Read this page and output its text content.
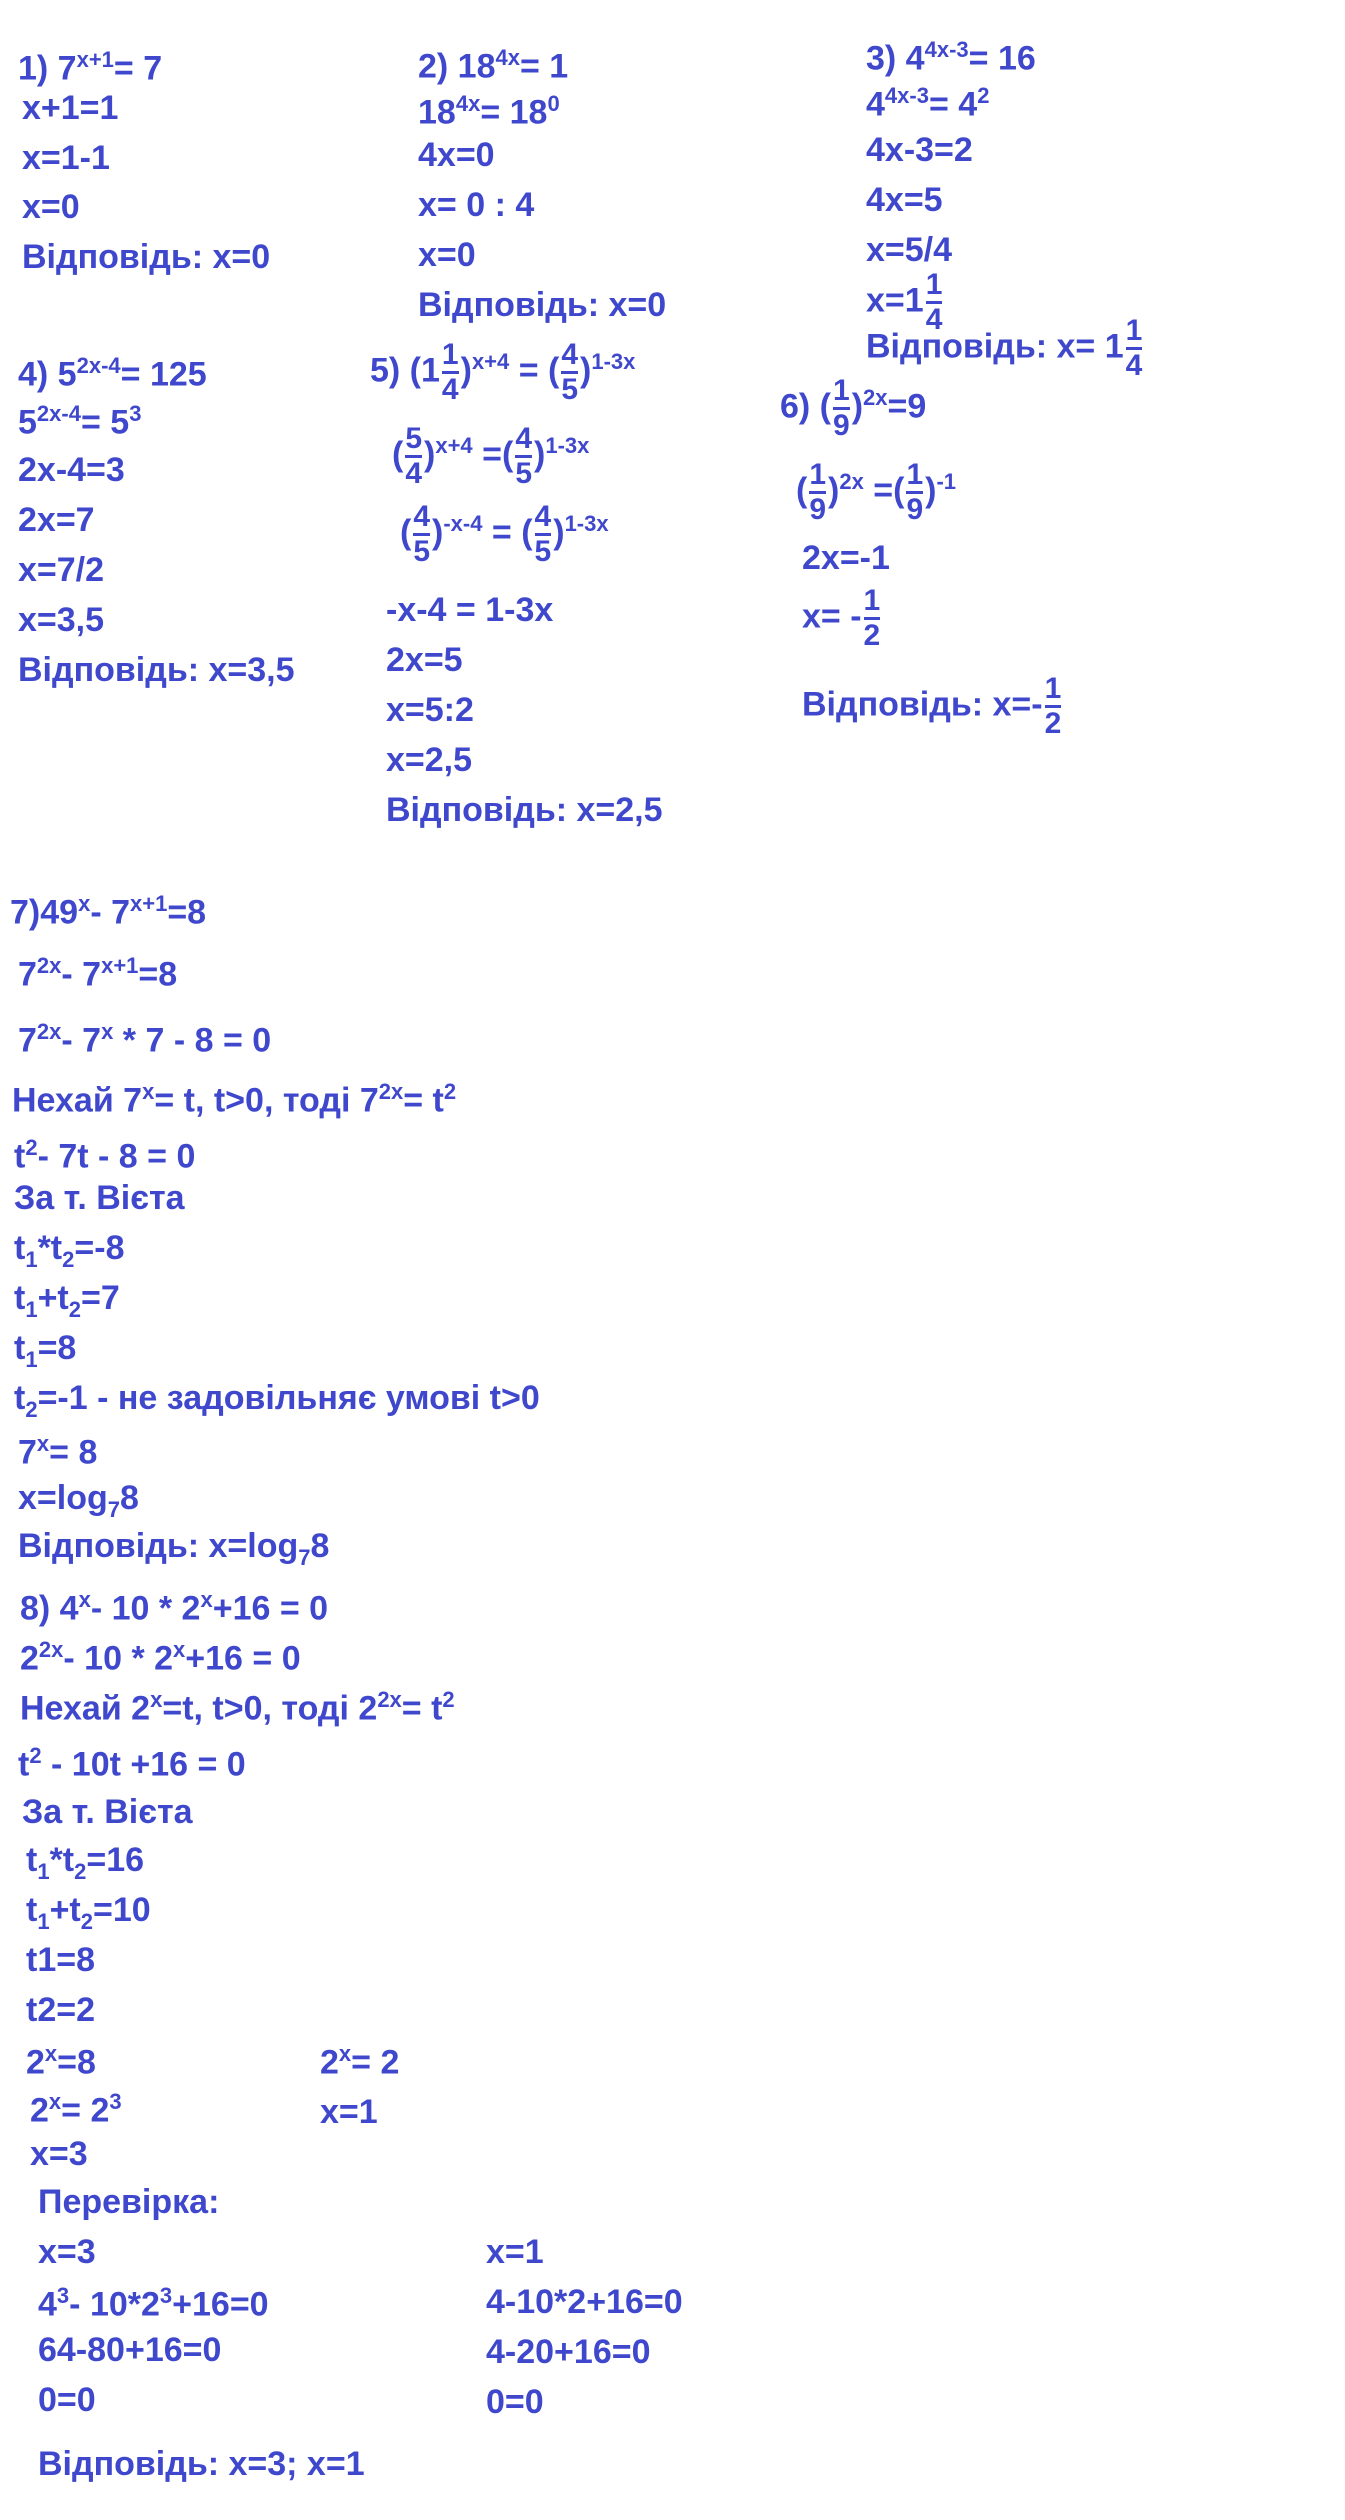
1) $7^{x+1}= 7$
x+1=1
x=1-1
x=0
Відповідь: x=0
2) $18^{4x}= 1$
$18^{4x}= 18^0$
4x=0
x= 0 : 4
x=0
Відповідь: x=0
3) $4^{4x-3}= 16$
$4^{4x-3}= 4^2$
4x-3=2
4x=5
x=5/4
$x=1 \frac{1}{4}$
Відповідь: $x= 1 \frac{1}{4}$
4) $5^{2x-4}= 125$
$5^{2x-4}= 5^3$
2x-4=3
2x=7
x=7/2
x=3,5
Відповідь: x=3,5
5) $(1 \frac{1}{4} )^{x+4}$ = ( $\frac{4}{5} )^{1-3x}$
( $\frac{5}{4} )^{x+4}$ =( $\frac{4}{5} )^{1-3x}$
( $\frac{4}{5} )^{-x-4}$ = ( $\frac{4}{5} )^{1-3x}$
-x-4 = 1-3x
2x=5
x=5:2
x=2,5
Відповідь: x=2,5
6) ( $\frac{1}{9} )^{2x}=9$
( $\frac{1}{9} )^{2x}$ =( $\frac{1}{9} )^{-1}$
2x=-1
$x= - \frac{1}{2}$
Відповідь: $x=- \frac{1}{2}$
7)49$^x$- $7^{x+1}=8$
$7^{2x}-$ $7^{x+1}=8$
$7^{2x}-$ 7$^x$ * 7 - 8 = 0
Нехай $7^x= t$, t>0, тоді $7^{2x}= t^2$
$t^2-$ 7t - 8 = 0
За т. Вієта
$t_1*t_2=-8$
$t_1+t_2=7$
$t_1=8$
$t_2=-1$ - не задовільняє умові t>0
$7^x= 8$
$x=\log_78$
Відповідь: $x=\log_78$
8) 4$^x$- $10 * 2^x+16 = 0$
$2^{2x}-$ $10 * 2^x+16 = 0$
Нехай $2^x=t$, t>0, тоді $2^{2x}= t^2$
$t^2 - 10t +16 = 0$
За т. Вієта
$t_1*t_2=16$
$t_1+t_2=10$
t1=8
t2=2
$2^x=8$
$2^x= 2^3$
x=3
$2^x= 2$
x=1
Перевірка:
x=3
$4^3-$ $10*2^3+16=0$
64-80+16=0
0=0
x=1
4-10*2+16=0
4-20+16=0
0=0
Відповідь: x=3; x=1
